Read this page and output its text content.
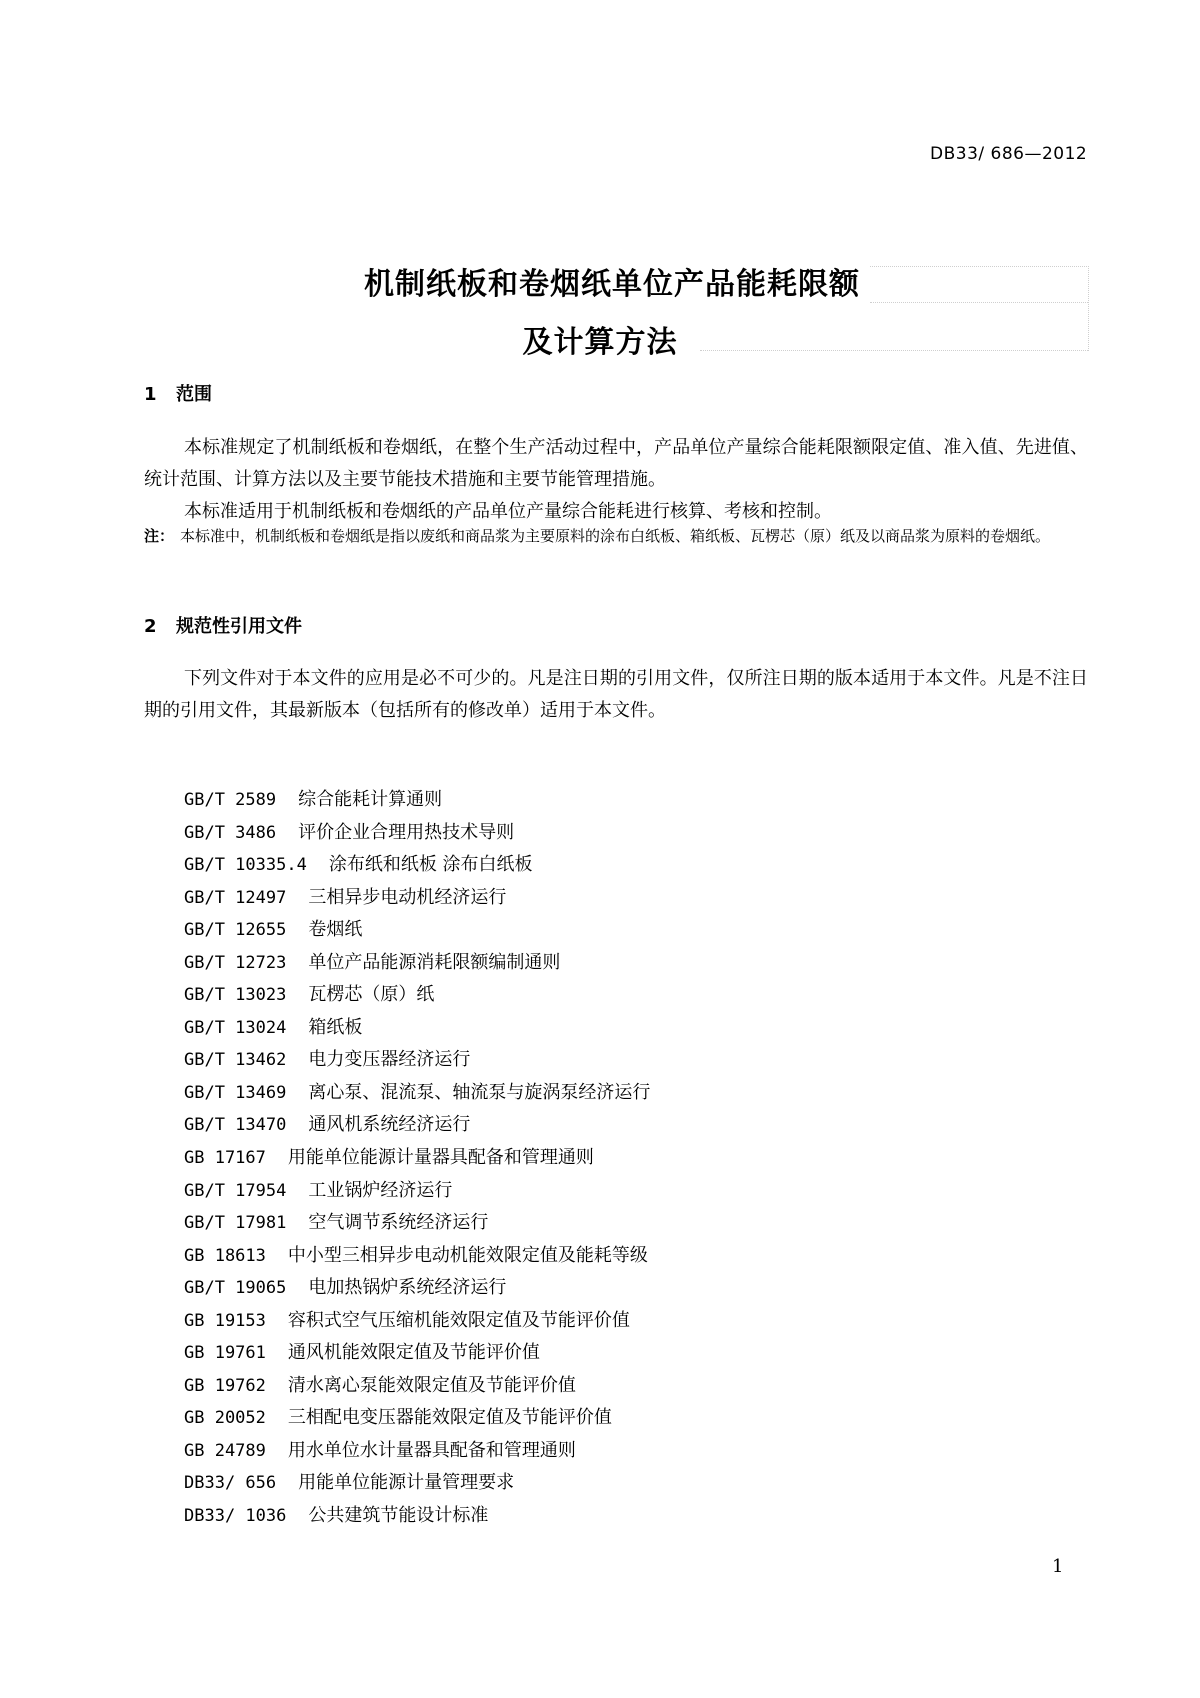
DB33/ 686—2012
机制纸板和卷烟纸单位产品能耗限额
及计算方法
1 范围

本标准规定了机制纸板和卷烟纸，在整个生产活动过程中，产品单位产量综合能耗限额限定值、准入值、先进值、统计范围、计算方法以及主要节能技术措施和主要节能管理措施。

本标准适用于机制纸板和卷烟纸的产品单位产量综合能耗进行核算、考核和控制。

注： 本标准中，机制纸板和卷烟纸是指以废纸和商品浆为主要原料的涂布白纸板、箱纸板、瓦楞芯（原）纸及以商品浆为原料的卷烟纸。
2 规范性引用文件

下列文件对于本文件的应用是必不可少的。凡是注日期的引用文件，仅所注日期的版本适用于本文件。凡是不注日期的引用文件，其最新版本（包括所有的修改单）适用于本文件。

GB/T 2589 综合能耗计算通则
GB/T 3486 评价企业合理用热技术导则
GB/T 10335.4 涂布纸和纸板 涂布白纸板
GB/T 12497 三相异步电动机经济运行
GB/T 12655 卷烟纸
GB/T 12723 单位产品能源消耗限额编制通则
GB/T 13023 瓦楞芯（原）纸
GB/T 13024 箱纸板
GB/T 13462 电力变压器经济运行
GB/T 13469 离心泵、混流泵、轴流泵与旋涡泵经济运行
GB/T 13470 通风机系统经济运行
GB 17167 用能单位能源计量器具配备和管理通则
GB/T 17954 工业锅炉经济运行
GB/T 17981 空气调节系统经济运行
GB 18613 中小型三相异步电动机能效限定值及能耗等级
GB/T 19065 电加热锅炉系统经济运行
GB 19153 容积式空气压缩机能效限定值及节能评价值
GB 19761 通风机能效限定值及节能评价值
GB 19762 清水离心泵能效限定值及节能评价值
GB 20052 三相配电变压器能效限定值及节能评价值
GB 24789 用水单位水计量器具配备和管理通则
DB33/ 656 用能单位能源计量管理要求
DB33/ 1036 公共建筑节能设计标准
1
